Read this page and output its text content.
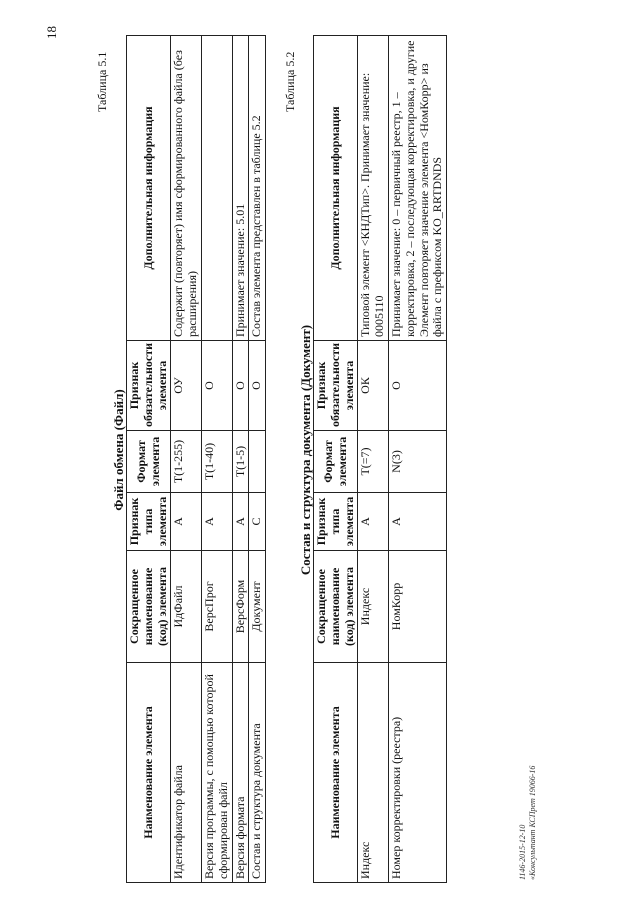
18
Таблица 5.1
Файл обмена (Файл)
Наименование элемента	Сокращенное наименование (код) элемента	Признак типа элемента	Формат элемента	Признак обязательности элемента	Дополнительная информация
Идентификатор файла	ИдФайл	А	T(1-255)	ОУ	Содержит (повторяет) имя сформированного файла (без расширения)
Версия программы, с помощью которой сформирован файл	ВерсПрог	А	T(1-40)	О	
Версия формата	ВерсФорм	А	T(1-5)	О	Принимает значение: 5.01
Состав и структура документа	Документ	С		О	Состав элемента представлен в таблице 5.2
Таблица 5.2
Состав и структура документа (Документ)
Наименование элемента	Сокращенное наименование (код) элемента	Признак типа элемента	Формат элемента	Признак обязательности элемента	Дополнительная информация
Индекс	Индекс	А	T(=7)	ОК	Типовой элемент <КНДТип>. Принимает значение: 0005110
Номер корректировки (реестра)	НомКорр	А	N(3)	О	Принимает значение: 0 – первичный реестр, 1 – корректировка, 2 – последующая корректировка, и другие Элемент повторяет значение элемента <НомКорр> из файла с префиксом KO_RRTDNDS
1146-2015-12-10 «Консультант КСПрет 19066-16
